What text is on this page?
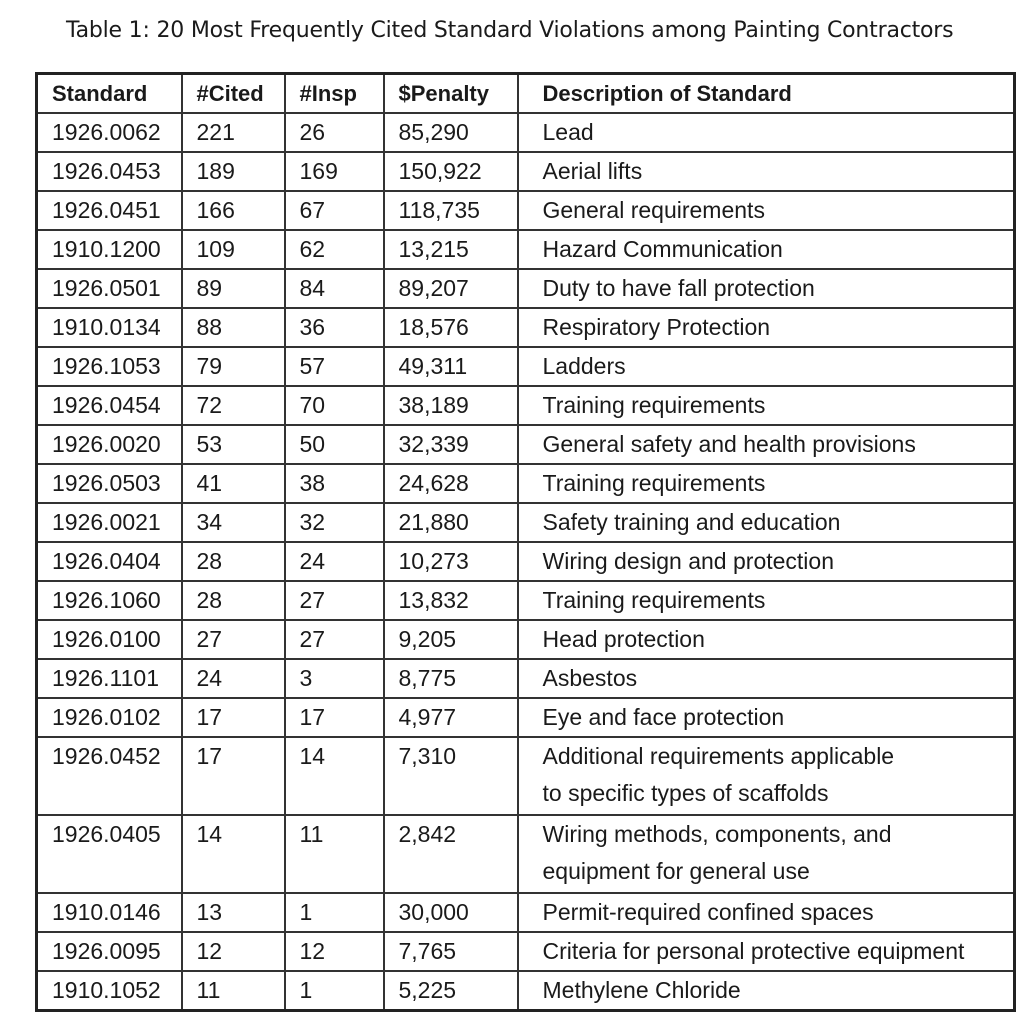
Table 1: 20 Most Frequently Cited Standard Violations among Painting Contractors
Standard	#Cited	#Insp	$Penalty	Description of Standard
1926.0062	221	26	85,290	Lead

1926.0453	189	169	150,922	Aerial lifts

1926.0451	166	67	118,735	General requirements

1910.1200	109	62	13,215	Hazard Communication

1926.0501	89	84	89,207	Duty to have fall protection

1910.0134	88	36	18,576	Respiratory Protection

1926.1053	79	57	49,311	Ladders

1926.0454	72	70	38,189	Training requirements

1926.0020	53	50	32,339	General safety and health provisions

1926.0503	41	38	24,628	Training requirements

1926.0021	34	32	21,880	Safety training and education

1926.0404	28	24	10,273	Wiring design and protection

1926.1060	28	27	13,832	Training requirements

1926.0100	27	27	9,205	Head protection

1926.1101	24	3	8,775	Asbestos

1926.0102	17	17	4,977	Eye and face protection

1926.0452	17	14	7,310	Additional requirements applicable
to specific types of scaffolds

1926.0405	14	11	2,842	Wiring methods, components, and
equipment for general use

1910.0146	13	1	30,000	Permit-required confined spaces

1926.0095	12	12	7,765	Criteria for personal protective equipment

1910.1052	11	1	5,225	Methylene Chloride
